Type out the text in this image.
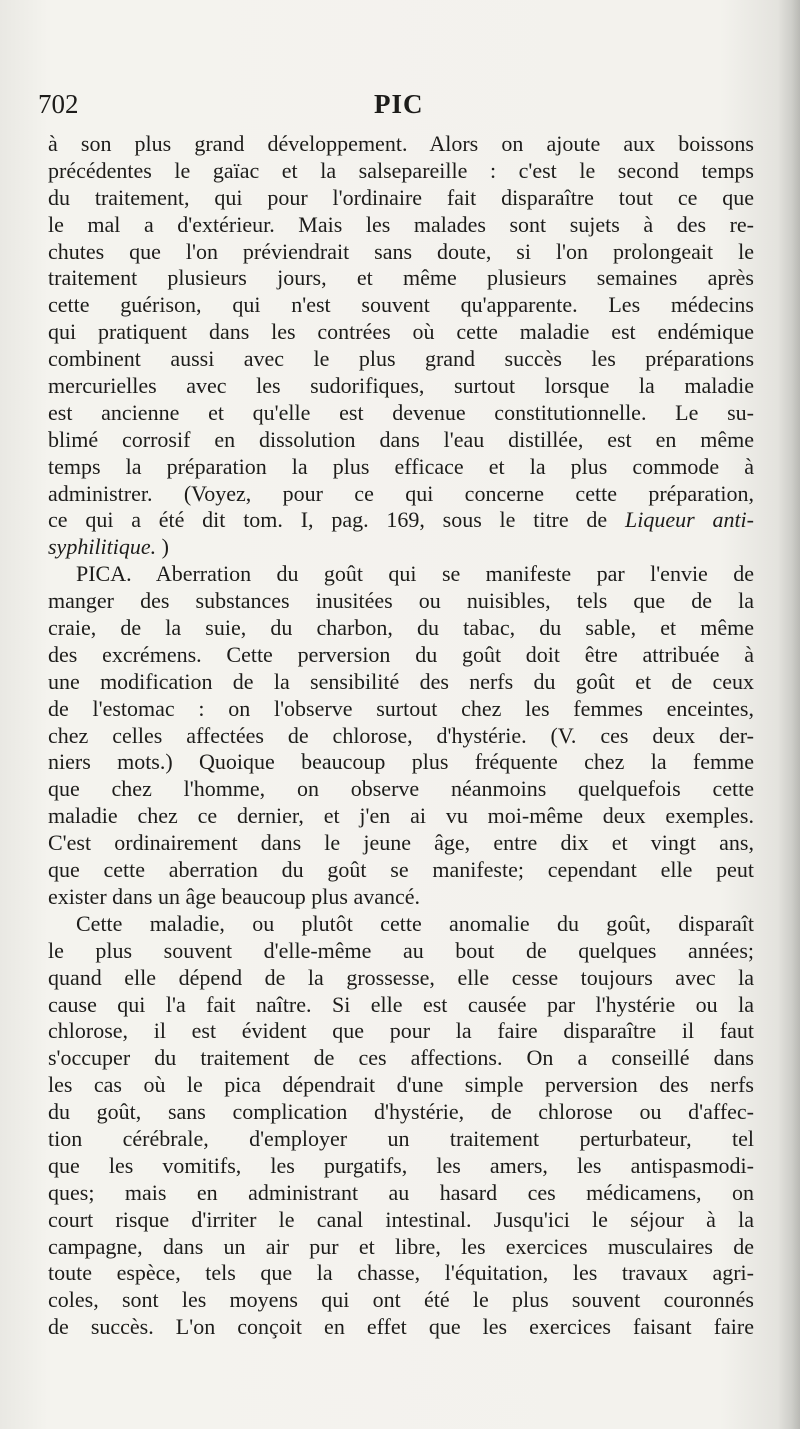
702	PIC
à son plus grand développement. Alors on ajoute aux boissons
précédentes le gaïac et la salsepareille : c'est le second temps
du traitement, qui pour l'ordinaire fait disparaître tout ce que
le mal a d'extérieur. Mais les malades sont sujets à des re-
chutes que l'on préviendrait sans doute, si l'on prolongeait le
traitement plusieurs jours, et même plusieurs semaines après
cette guérison, qui n'est souvent qu'apparente. Les médecins
qui pratiquent dans les contrées où cette maladie est endémique
combinent aussi avec le plus grand succès les préparations
mercurielles avec les sudorifiques, surtout lorsque la maladie
est ancienne et qu'elle est devenue constitutionnelle. Le su-
blimé corrosif en dissolution dans l'eau distillée, est en même
temps la préparation la plus efficace et la plus commode à
administrer. (Voyez, pour ce qui concerne cette préparation,
ce qui a été dit tom. I, pag. 169, sous le titre de Liqueur anti-
syphilitique. )
PICA. Aberration du goût qui se manifeste par l'envie de
manger des substances inusitées ou nuisibles, tels que de la
craie, de la suie, du charbon, du tabac, du sable, et même
des excrémens. Cette perversion du goût doit être attribuée à
une modification de la sensibilité des nerfs du goût et de ceux
de l'estomac : on l'observe surtout chez les femmes enceintes,
chez celles affectées de chlorose, d'hystérie. (V. ces deux der-
niers mots.) Quoique beaucoup plus fréquente chez la femme
que chez l'homme, on observe néanmoins quelquefois cette
maladie chez ce dernier, et j'en ai vu moi-même deux exemples.
C'est ordinairement dans le jeune âge, entre dix et vingt ans,
que cette aberration du goût se manifeste; cependant elle peut
exister dans un âge beaucoup plus avancé.
Cette maladie, ou plutôt cette anomalie du goût, disparaît
le plus souvent d'elle-même au bout de quelques années;
quand elle dépend de la grossesse, elle cesse toujours avec la
cause qui l'a fait naître. Si elle est causée par l'hystérie ou la
chlorose, il est évident que pour la faire disparaître il faut
s'occuper du traitement de ces affections. On a conseillé dans
les cas où le pica dépendrait d'une simple perversion des nerfs
du goût, sans complication d'hystérie, de chlorose ou d'affec-
tion cérébrale, d'employer un traitement perturbateur, tel
que les vomitifs, les purgatifs, les amers, les antispasmodi-
ques; mais en administrant au hasard ces médicamens, on
court risque d'irriter le canal intestinal. Jusqu'ici le séjour à la
campagne, dans un air pur et libre, les exercices musculaires de
toute espèce, tels que la chasse, l'équitation, les travaux agri-
coles, sont les moyens qui ont été le plus souvent couronnés
de succès. L'on conçoit en effet que les exercices faisant faire
